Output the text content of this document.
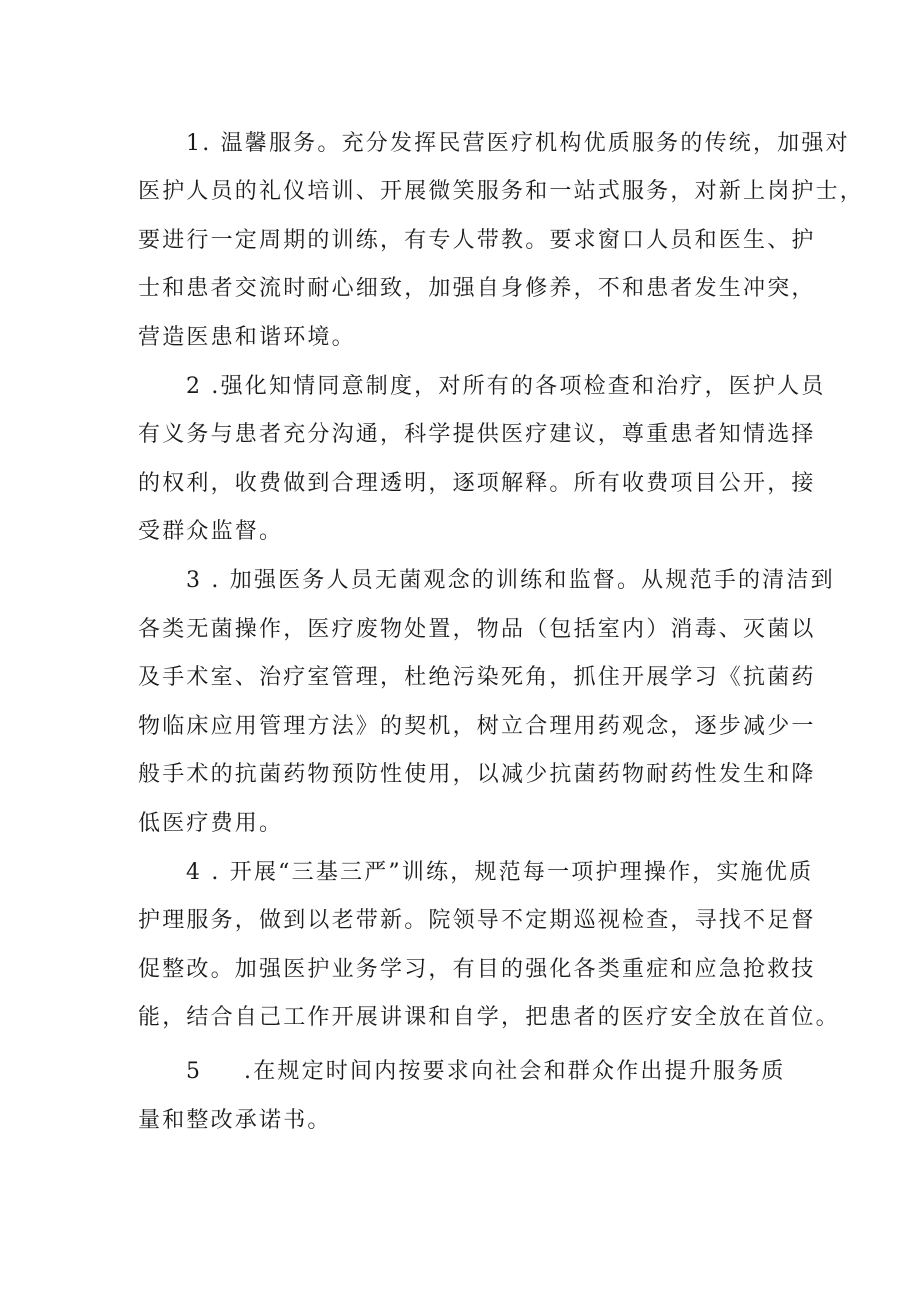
1. 温馨服务。充分发挥民营医疗机构优质服务的传统，加强对
医护人员的礼仪培训、开展微笑服务和一站式服务，对新上岗护士，
要进行一定周期的训练，有专人带教。要求窗口人员和医生、护
士和患者交流时耐心细致，加强自身修养，不和患者发生冲突，
营造医患和谐环境。
2 .强化知情同意制度，对所有的各项检查和治疗，医护人员
有义务与患者充分沟通，科学提供医疗建议，尊重患者知情选择
的权利，收费做到合理透明，逐项解释。所有收费项目公开，接
受群众监督。
3 . 加强医务人员无菌观念的训练和监督。从规范手的清洁到
各类无菌操作，医疗废物处置，物品（包括室内）消毒、灭菌以
及手术室、治疗室管理，杜绝污染死角，抓住开展学习《抗菌药
物临床应用管理方法》的契机，树立合理用药观念，逐步减少一
般手术的抗菌药物预防性使用，以减少抗菌药物耐药性发生和降
低医疗费用。
4 . 开展“三基三严”训练，规范每一项护理操作，实施优质
护理服务，做到以老带新。院领导不定期巡视检查，寻找不足督
促整改。加强医护业务学习，有目的强化各类重症和应急抢救技
能，结合自己工作开展讲课和自学，把患者的医疗安全放在首位。
5 .在规定时间内按要求向社会和群众作出提升服务质
量和整改承诺书。
